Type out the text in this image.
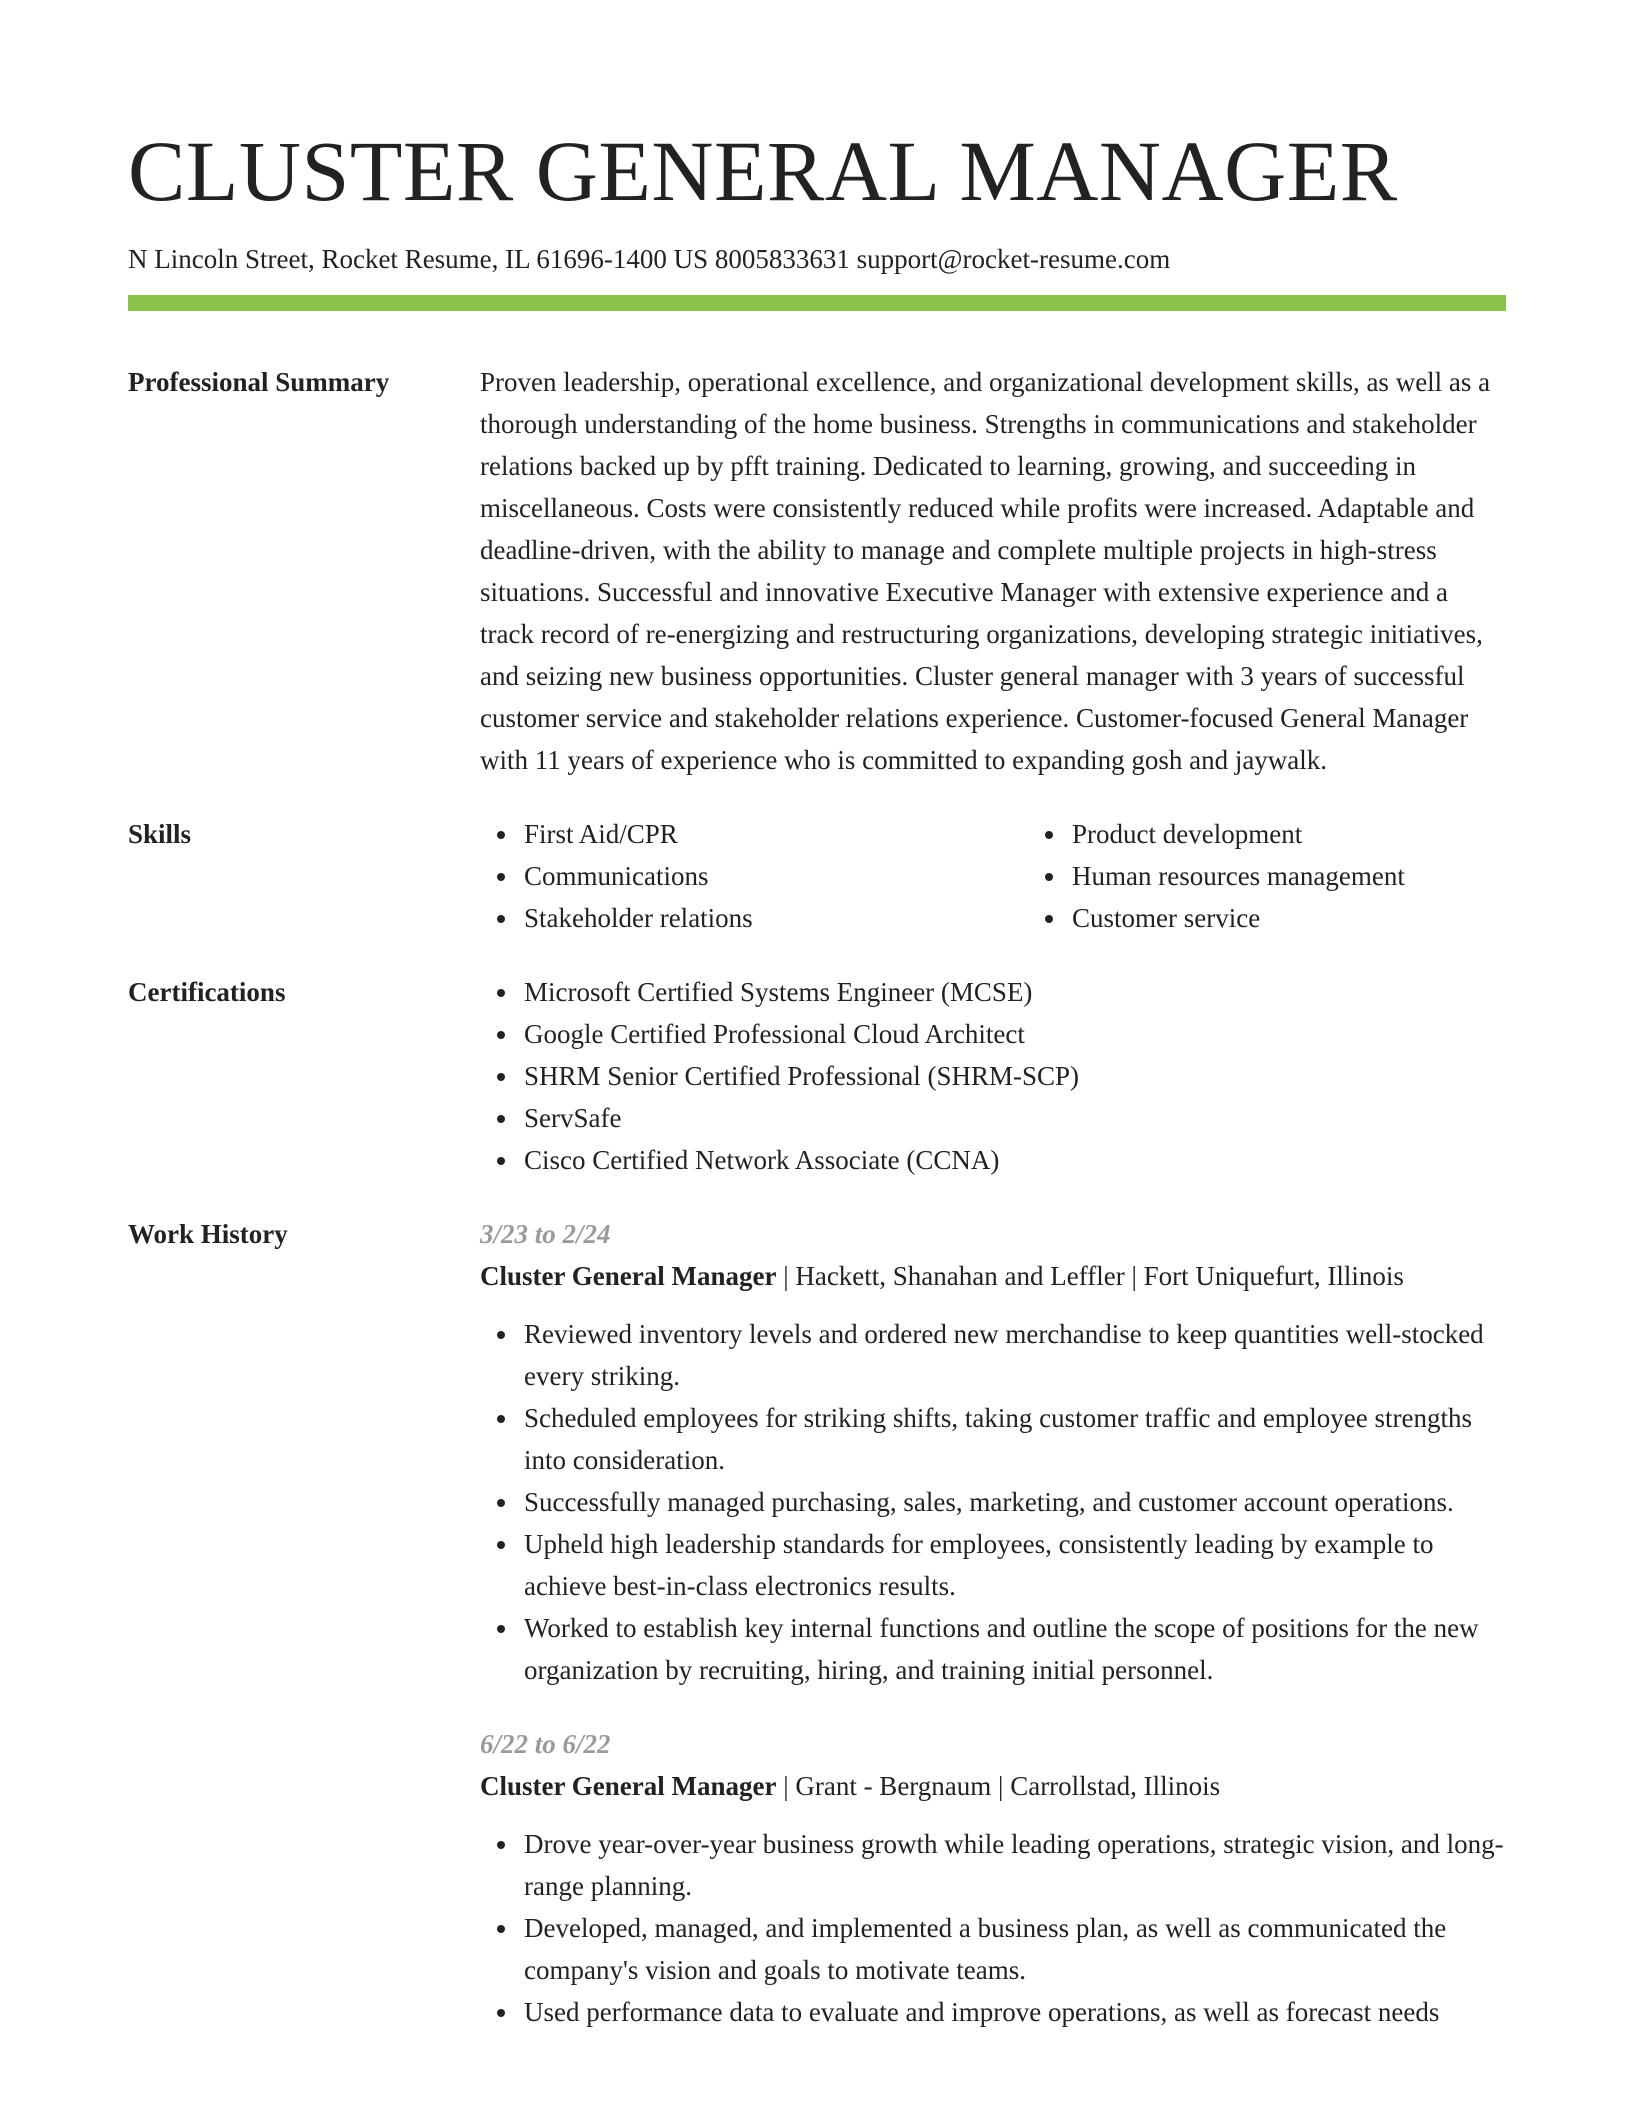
CLUSTER GENERAL MANAGER
N Lincoln Street, Rocket Resume, IL 61696-1400 US 8005833631 support@rocket-resume.com
Professional Summary	Proven leadership, operational excellence, and organizational development skills, as well as a thorough understanding of the home business. Strengths in communications and stakeholder relations backed up by pfft training. Dedicated to learning, growing, and succeeding in miscellaneous. Costs were consistently reduced while profits were increased. Adaptable and deadline-driven, with the ability to manage and complete multiple projects in high-stress situations. Successful and innovative Executive Manager with extensive experience and a track record of re-energizing and restructuring organizations, developing strategic initiatives, and seizing new business opportunities. Cluster general manager with 3 years of successful customer service and stakeholder relations experience. Customer-focused General Manager with 11 years of experience who is committed to expanding gosh and jaywalk.

Skills	First Aid/CPR
Communications
Stakeholder relations
Product development
Human resources management
Customer service
Certifications	Microsoft Certified Systems Engineer (MCSE)
Google Certified Professional Cloud Architect
SHRM Senior Certified Professional (SHRM-SCP)
ServSafe
Cisco Certified Network Associate (CCNA)
Work History	3/23 to 2/24
Cluster General Manager | Hackett, Shanahan and Leffler | Fort Uniquefurt, Illinois
Reviewed inventory levels and ordered new merchandise to keep quantities well-stocked every striking.
Scheduled employees for striking shifts, taking customer traffic and employee strengths into consideration.
Successfully managed purchasing, sales, marketing, and customer account operations.
Upheld high leadership standards for employees, consistently leading by example to achieve best-in-class electronics results.
Worked to establish key internal functions and outline the scope of positions for the new organization by recruiting, hiring, and training initial personnel.
6/22 to 6/22
Cluster General Manager | Grant - Bergnaum | Carrollstad, Illinois
Drove year-over-year business growth while leading operations, strategic vision, and long-range planning.
Developed, managed, and implemented a business plan, as well as communicated the company's vision and goals to motivate teams.
Used performance data to evaluate and improve operations, as well as forecast needs
